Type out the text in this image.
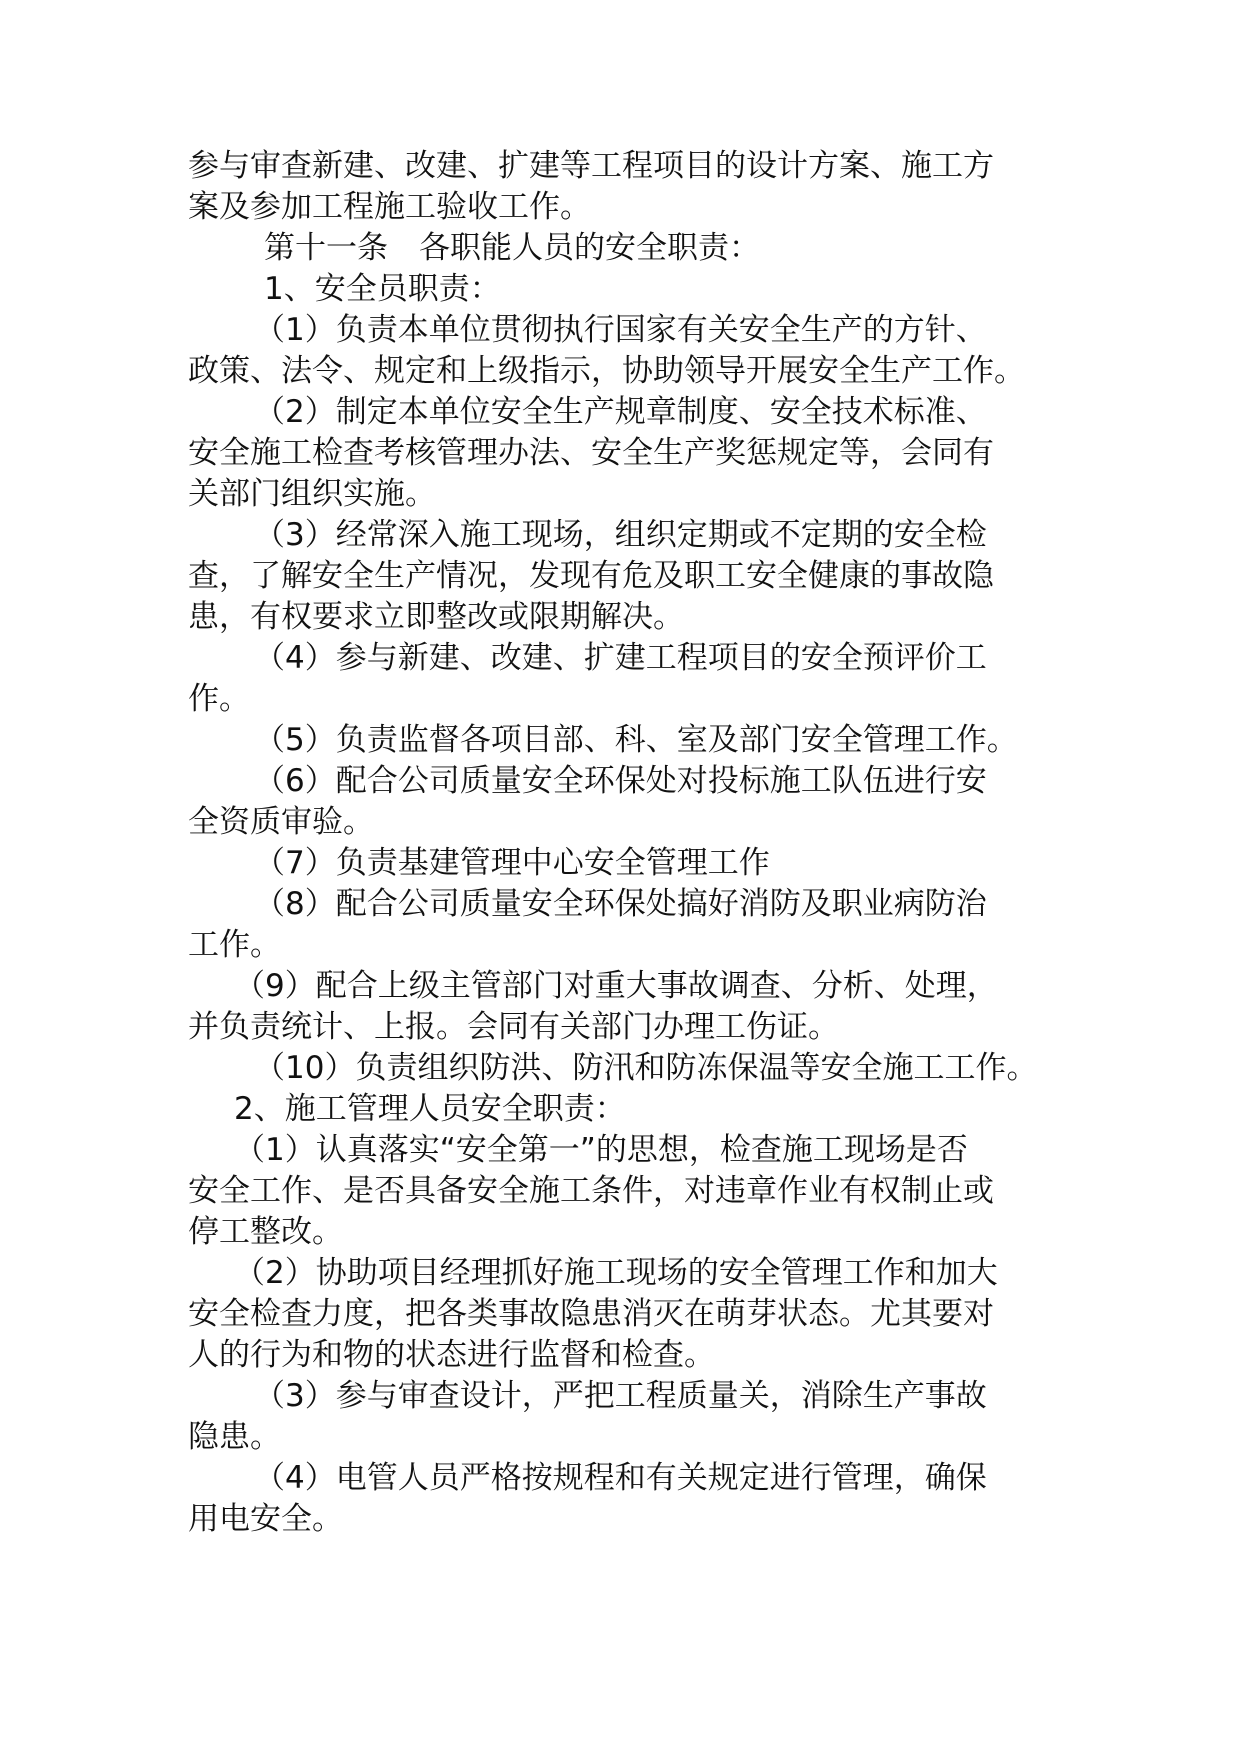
参与审查新建、改建、扩建等工程项目的设计方案、施工方

案及参加工程施工验收工作。

第十一条　各职能人员的安全职责：

1、安全员职责：

（1）负责本单位贯彻执行国家有关安全生产的方针、

政策、法令、规定和上级指示，协助领导开展安全生产工作。

（2）制定本单位安全生产规章制度、安全技术标准、

安全施工检查考核管理办法、安全生产奖惩规定等，会同有

关部门组织实施。

（3）经常深入施工现场，组织定期或不定期的安全检

查，了解安全生产情况，发现有危及职工安全健康的事故隐

患，有权要求立即整改或限期解决。

（4）参与新建、改建、扩建工程项目的安全预评价工

作。

（5）负责监督各项目部、科、室及部门安全管理工作。

（6）配合公司质量安全环保处对投标施工队伍进行安

全资质审验。

（7）负责基建管理中心安全管理工作

（8）配合公司质量安全环保处搞好消防及职业病防治

工作。

（9）配合上级主管部门对重大事故调查、分析、处理，

并负责统计、上报。会同有关部门办理工伤证。

（10）负责组织防洪、防汛和防冻保温等安全施工工作。

2、施工管理人员安全职责：

（1）认真落实“安全第一”的思想，检查施工现场是否

安全工作、是否具备安全施工条件，对违章作业有权制止或

停工整改。

（2）协助项目经理抓好施工现场的安全管理工作和加大

安全检查力度，把各类事故隐患消灭在萌芽状态。尤其要对

人的行为和物的状态进行监督和检查。

（3）参与审查设计，严把工程质量关，消除生产事故

隐患。

（4）电管人员严格按规程和有关规定进行管理，确保

用电安全。
